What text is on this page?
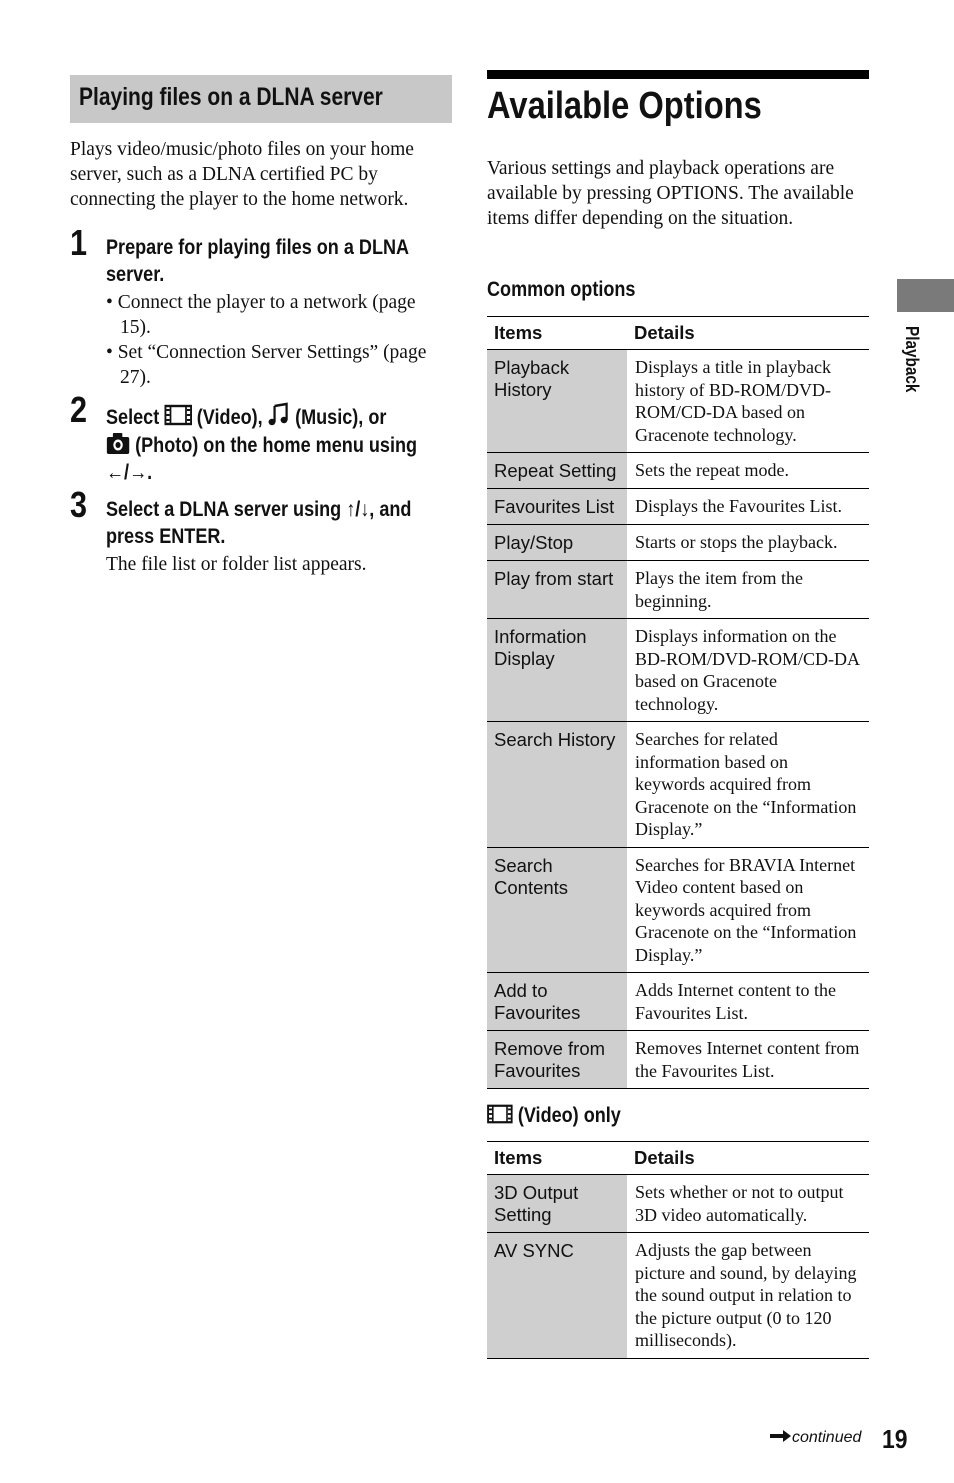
Playing files on a DLNA server
Plays video/music/photo files on your home server, such as a DLNA certified PC by connecting the player to the home network.
1 Prepare for playing files on a DLNA server.
• Connect the player to a network (page 15).
• Set “Connection Server Settings” (page 27).
2 Select (Video), (Music), or
(Photo) on the home menu using
←/→.
3 Select a DLNA server using ↑/↓, and
press ENTER.
The file list or folder list appears.
Available Options
Various settings and playback operations are available by pressing OPTIONS. The available items differ depending on the situation.
Common options
Items	Details
Playback History	Displays a title in playback history of BD-ROM/DVD-ROM/CD-DA based on Gracenote technology.
Repeat Setting	Sets the repeat mode.
Favourites List	Displays the Favourites List.
Play/Stop	Starts or stops the playback.
Play from start	Plays the item from the beginning.
Information Display	Displays information on the BD-ROM/DVD-ROM/CD-DA based on Gracenote technology.
Search History	Searches for related information based on keywords acquired from Gracenote on the “Information Display.”
Search Contents	Searches for BRAVIA Internet Video content based on keywords acquired from Gracenote on the “Information Display.”
Add to Favourites	Adds Internet content to the Favourites List.
Remove from Favourites	Removes Internet content from the Favourites List.
(Video) only
Items	Details
3D Output Setting	Sets whether or not to output 3D video automatically.
AV SYNC	Adjusts the gap between picture and sound, by delaying the sound output in relation to the picture output (0 to 120 milliseconds).
Playback
continued 19
